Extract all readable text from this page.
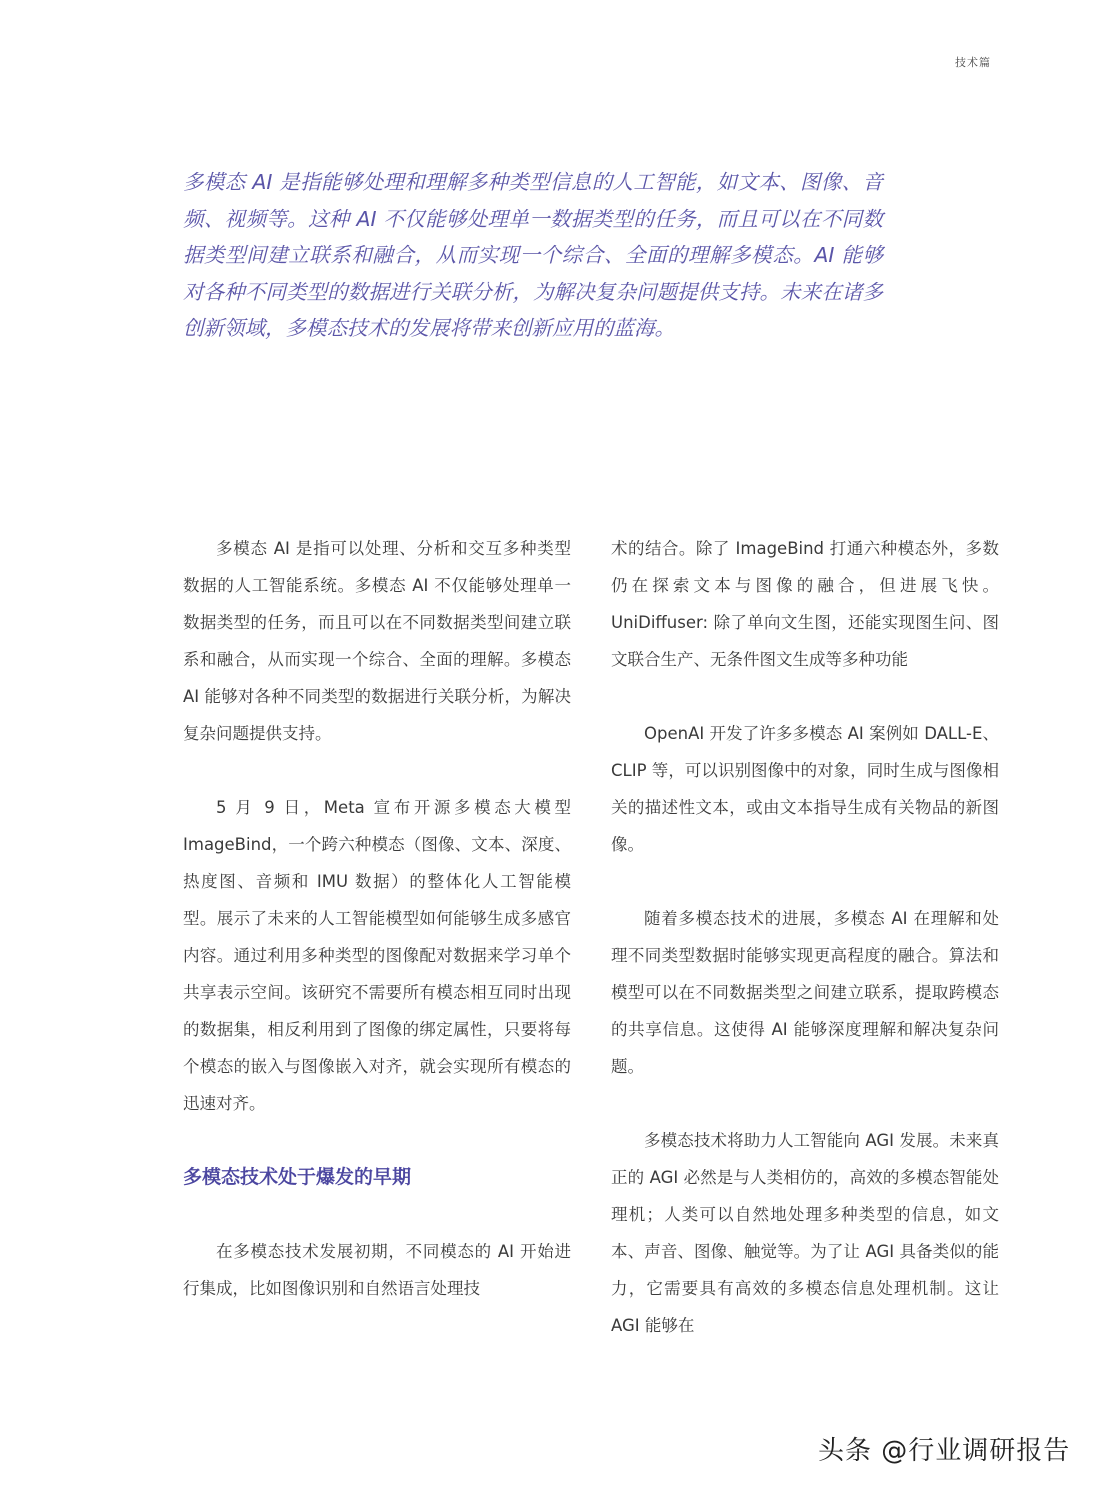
技术篇

多模态 AI 是指能够处理和理解多种类型信息的人工智能，如文本、图像、音频、视频等。这种 AI 不仅能够处理单一数据类型的任务，而且可以在不同数据类型间建立联系和融合，从而实现一个综合、全面的理解多模态。AI 能够对各种不同类型的数据进行关联分析，为解决复杂问题提供支持。未来在诸多创新领域，多模态技术的发展将带来创新应用的蓝海。

多模态 AI 是指可以处理、分析和交互多种类型数据的人工智能系统。多模态 AI 不仅能够处理单一数据类型的任务，而且可以在不同数据类型间建立联系和融合，从而实现一个综合、全面的理解。多模态 AI 能够对各种不同类型的数据进行关联分析，为解决复杂问题提供支持。

5 月 9 日，Meta 宣布开源多模态大模型 ImageBind，一个跨六种模态（图像、文本、深度、热度图、音频和 IMU 数据）的整体化人工智能模型。展示了未来的人工智能模型如何能够生成多感官内容。通过利用多种类型的图像配对数据来学习单个共享表示空间。该研究不需要所有模态相互同时出现的数据集，相反利用到了图像的绑定属性，只要将每个模态的嵌入与图像嵌入对齐，就会实现所有模态的迅速对齐。

多模态技术处于爆发的早期

在多模态技术发展初期，不同模态的 AI 开始进行集成，比如图像识别和自然语言处理技

术的结合。除了 ImageBind 打通六种模态外，多数仍在探索文本与图像的融合，但进展飞快。UniDiffuser: 除了单向文生图，还能实现图生问、图文联合生产、无条件图文生成等多种功能

OpenAI 开发了许多多模态 AI 案例如 DALL-E、CLIP 等，可以识别图像中的对象，同时生成与图像相关的描述性文本，或由文本指导生成有关物品的新图像。

随着多模态技术的进展，多模态 AI 在理解和处理不同类型数据时能够实现更高程度的融合。算法和模型可以在不同数据类型之间建立联系，提取跨模态的共享信息。这使得 AI 能够深度理解和解决复杂问题。

多模态技术将助力人工智能向 AGI 发展。未来真正的 AGI 必然是与人类相仿的，高效的多模态智能处理机；人类可以自然地处理多种类型的信息，如文本、声音、图像、触觉等。为了让 AGI 具备类似的能力，它需要具有高效的多模态信息处理机制。这让 AGI 能够在

头条 @行业调研报告
